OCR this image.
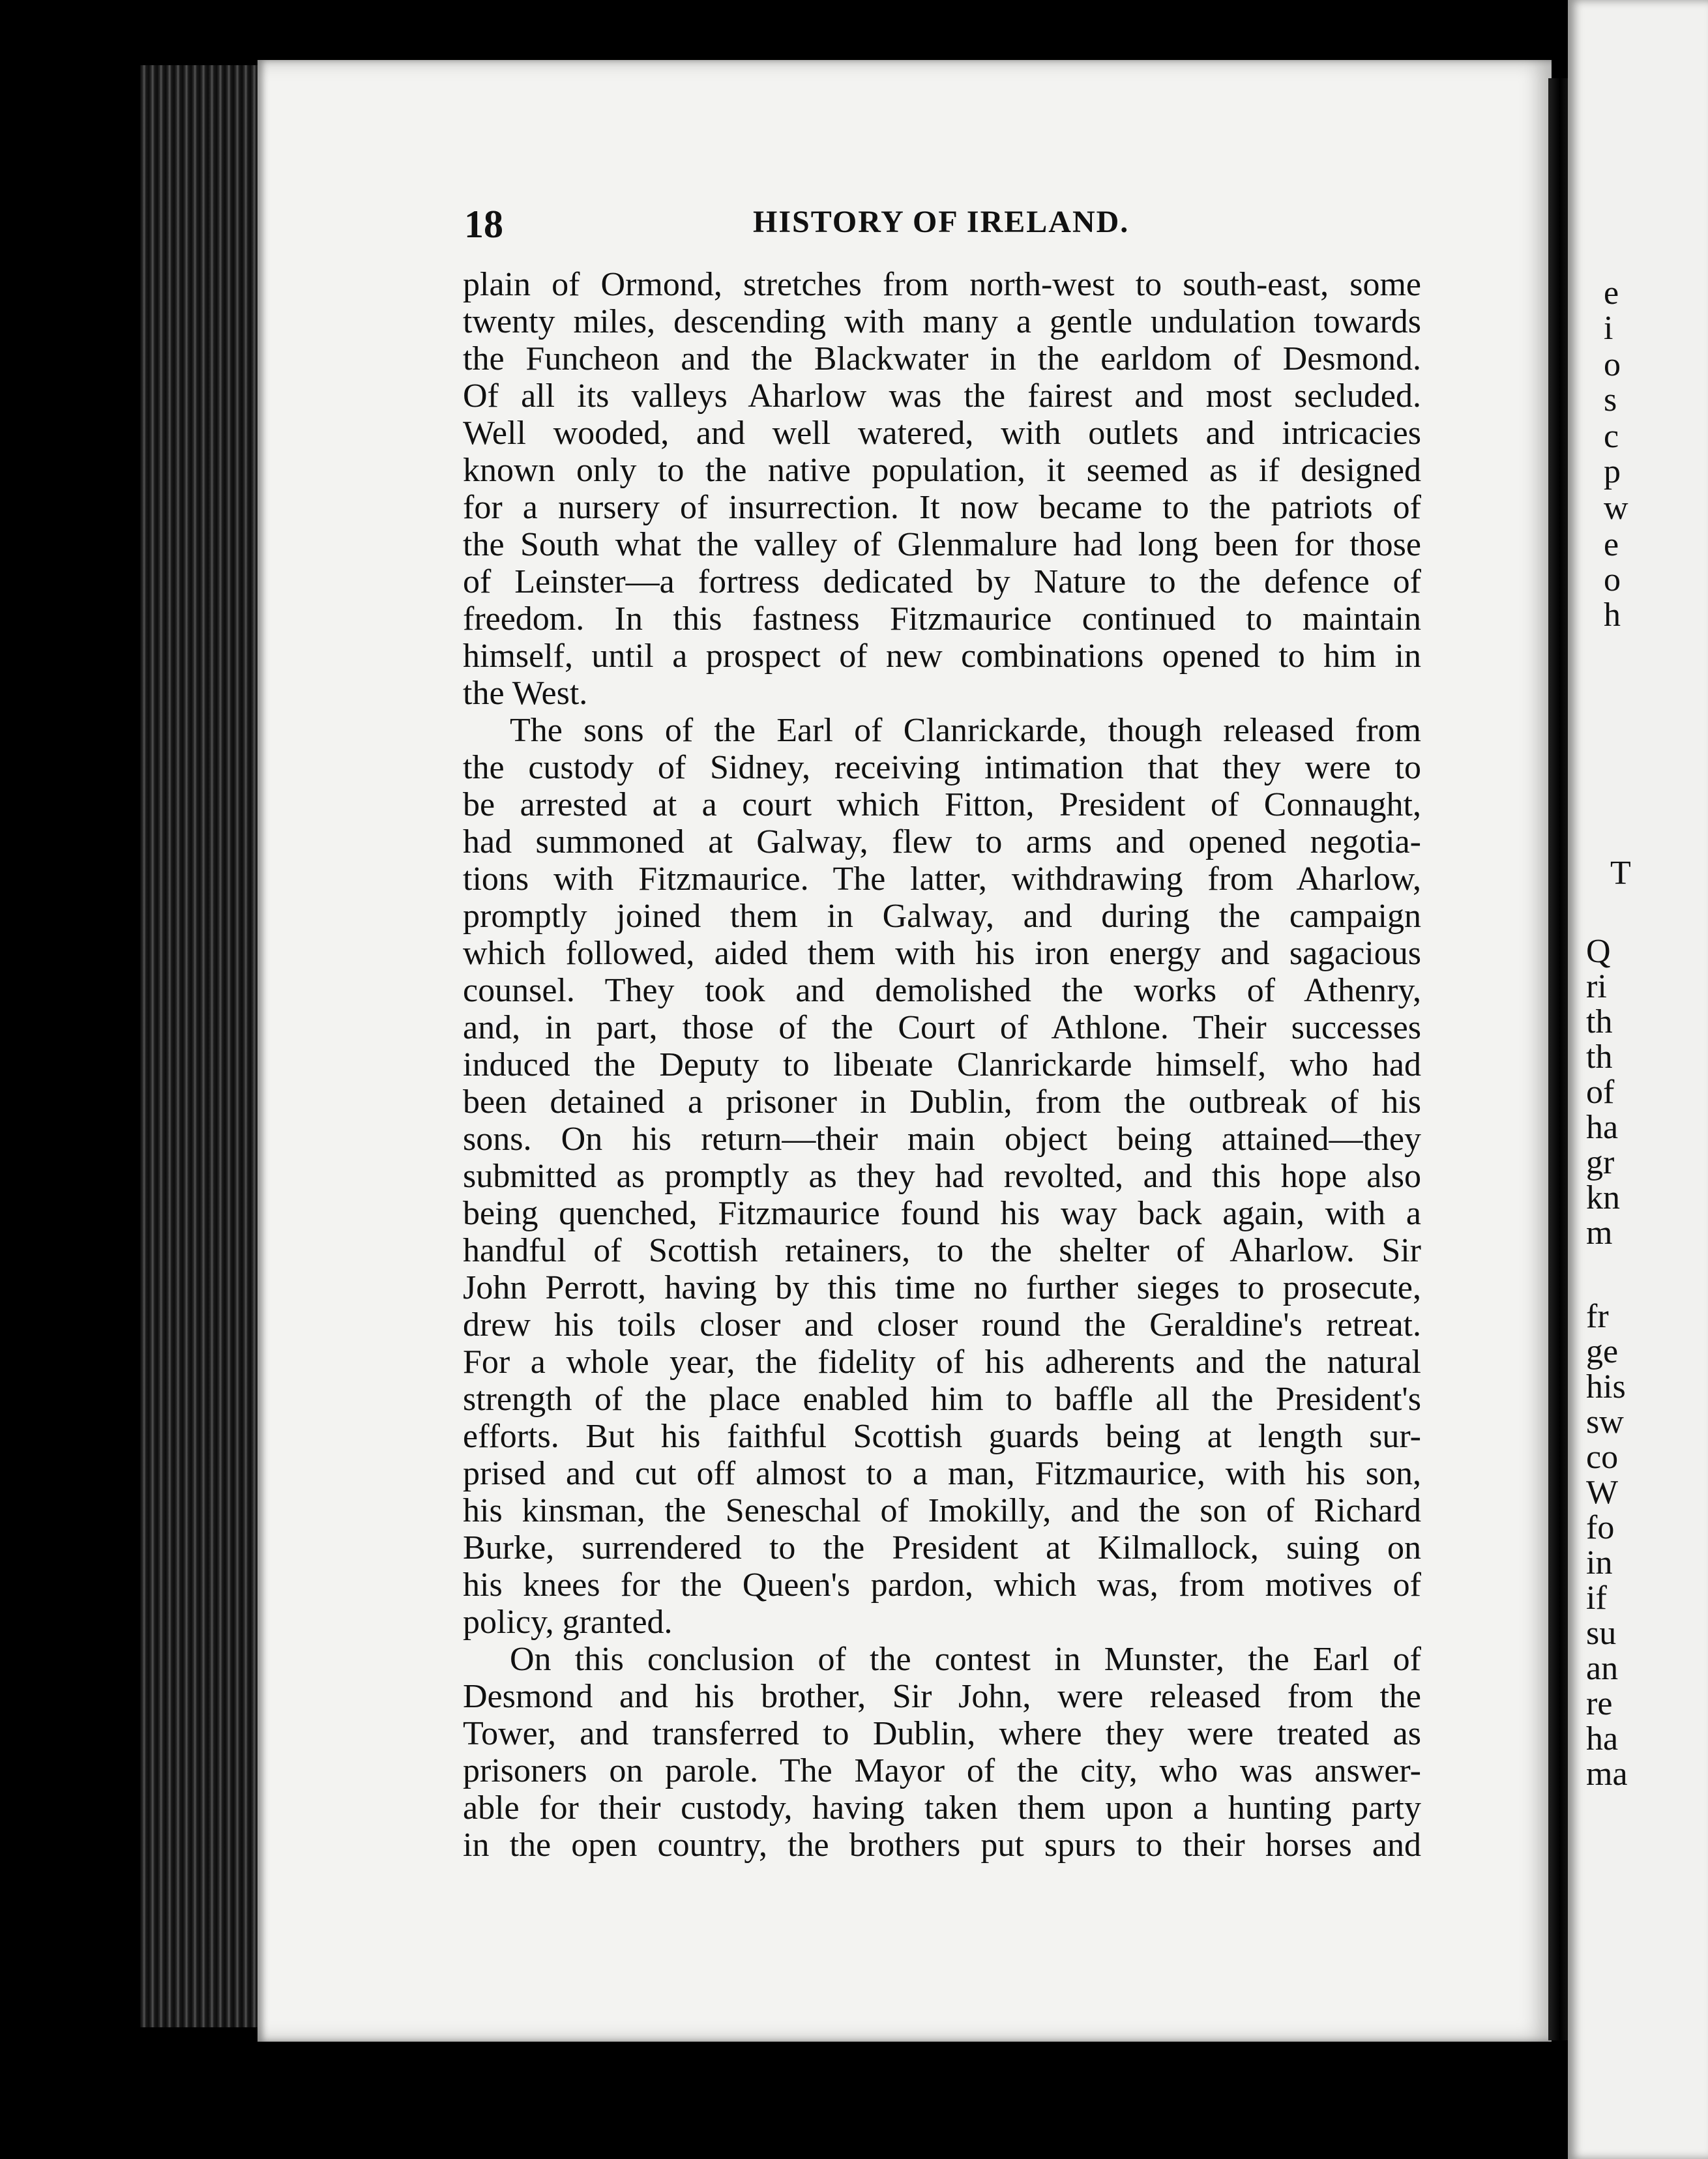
e
i
o
s
c
p
w
e
o
h
T
Q
ri
th
th
of
ha
gr
kn
m
fr
ge
his
sw
co
W
fo
in
if
su
an
re
ha
ma
18	HISTORY OF IRELAND.
plain of Ormond, stretches from north-west to south-east, some
twenty miles, descending with many a gentle undulation towards
the Funcheon and the Blackwater in the earldom of Desmond.
Of all its valleys Aharlow was the fairest and most secluded.
Well wooded, and well watered, with outlets and intricacies
known only to the native population, it seemed as if designed
for a nursery of insurrection. It now became to the patriots of
the South what the valley of Glenmalure had long been for those
of Leinster—a fortress dedicated by Nature to the defence of
freedom. In this fastness Fitzmaurice continued to maintain
himself, until a prospect of new combinations opened to him in
the West.
The sons of the Earl of Clanrickarde, though released from
the custody of Sidney, receiving intimation that they were to
be arrested at a court which Fitton, President of Connaught,
had summoned at Galway, flew to arms and opened negotia-
tions with Fitzmaurice. The latter, withdrawing from Aharlow,
promptly joined them in Galway, and during the campaign
which followed, aided them with his iron energy and sagacious
counsel. They took and demolished the works of Athenry,
and, in part, those of the Court of Athlone. Their successes
induced the Deputy to libeıate Clanrickarde himself, who had
been detained a prisoner in Dublin, from the outbreak of his
sons. On his return—their main object being attained—they
submitted as promptly as they had revolted, and this hope also
being quenched, Fitzmaurice found his way back again, with a
handful of Scottish retainers, to the shelter of Aharlow. Sir
John Perrott, having by this time no further sieges to prosecute,
drew his toils closer and closer round the Geraldine's retreat.
For a whole year, the fidelity of his adherents and the natural
strength of the place enabled him to baffle all the President's
efforts. But his faithful Scottish guards being at length sur-
prised and cut off almost to a man, Fitzmaurice, with his son,
his kinsman, the Seneschal of Imokilly, and the son of Richard
Burke, surrendered to the President at Kilmallock, suing on
his knees for the Queen's pardon, which was, from motives of
policy, granted.
On this conclusion of the contest in Munster, the Earl of
Desmond and his brother, Sir John, were released from the
Tower, and transferred to Dublin, where they were treated as
prisoners on parole. The Mayor of the city, who was answer-
able for their custody, having taken them upon a hunting party
in the open country, the brothers put spurs to their horses and
